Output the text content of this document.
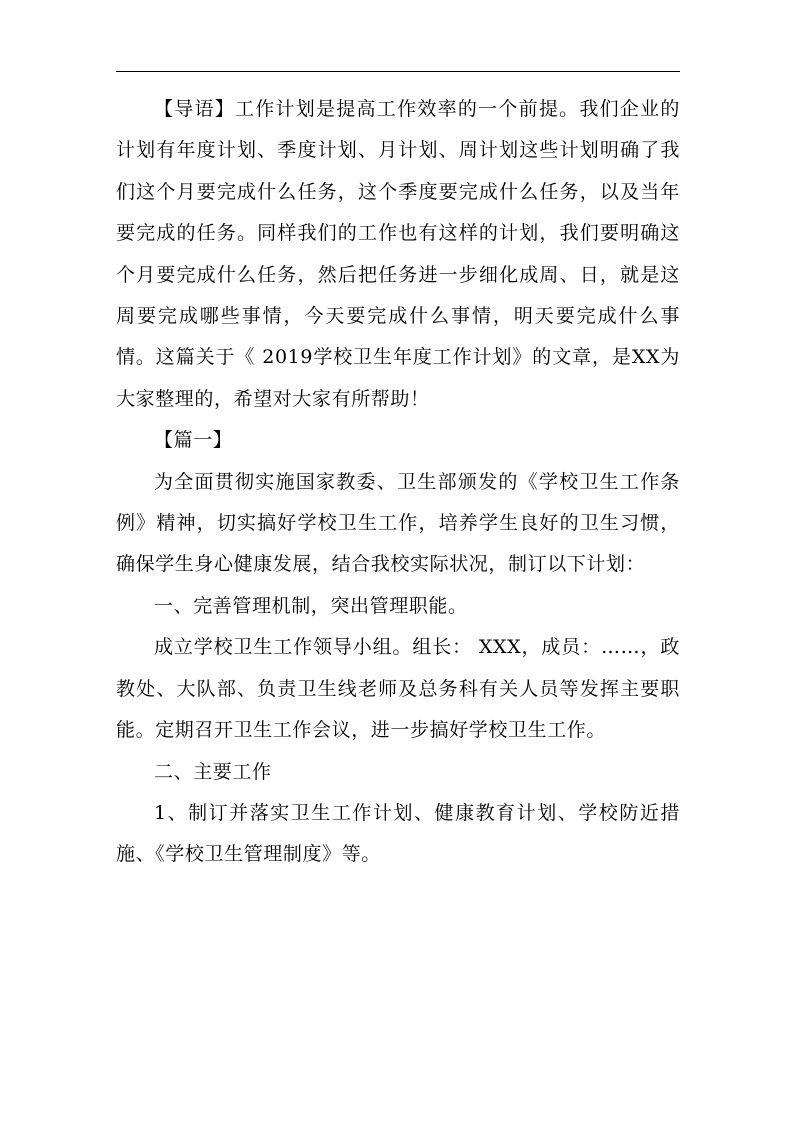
【导语】工作计划是提高工作效率的一个前提。我们企业的计划有年度计划、季度计划、月计划、周计划这些计划明确了我们这个月要完成什么任务，这个季度要完成什么任务，以及当年要完成的任务。同样我们的工作也有这样的计划，我们要明确这个月要完成什么任务，然后把任务进一步细化成周、日，就是这周要完成哪些事情，今天要完成什么事情，明天要完成什么事情。这篇关于《 2019学校卫生年度工作计划》的文章，是XX为大家整理的，希望对大家有所帮助！

【篇一】

为全面贯彻实施国家教委、卫生部颁发的《学校卫生工作条例》精神，切实搞好学校卫生工作，培养学生良好的卫生习惯，确保学生身心健康发展，结合我校实际状况，制订以下计划：

一、完善管理机制，突出管理职能。

成立学校卫生工作领导小组。组长： XXX，成员：……，政教处、大队部、负责卫生线老师及总务科有关人员等发挥主要职能。定期召开卫生工作会议，进一步搞好学校卫生工作。

二、主要工作

1、制订并落实卫生工作计划、健康教育计划、学校防近措施、《学校卫生管理制度》等。
